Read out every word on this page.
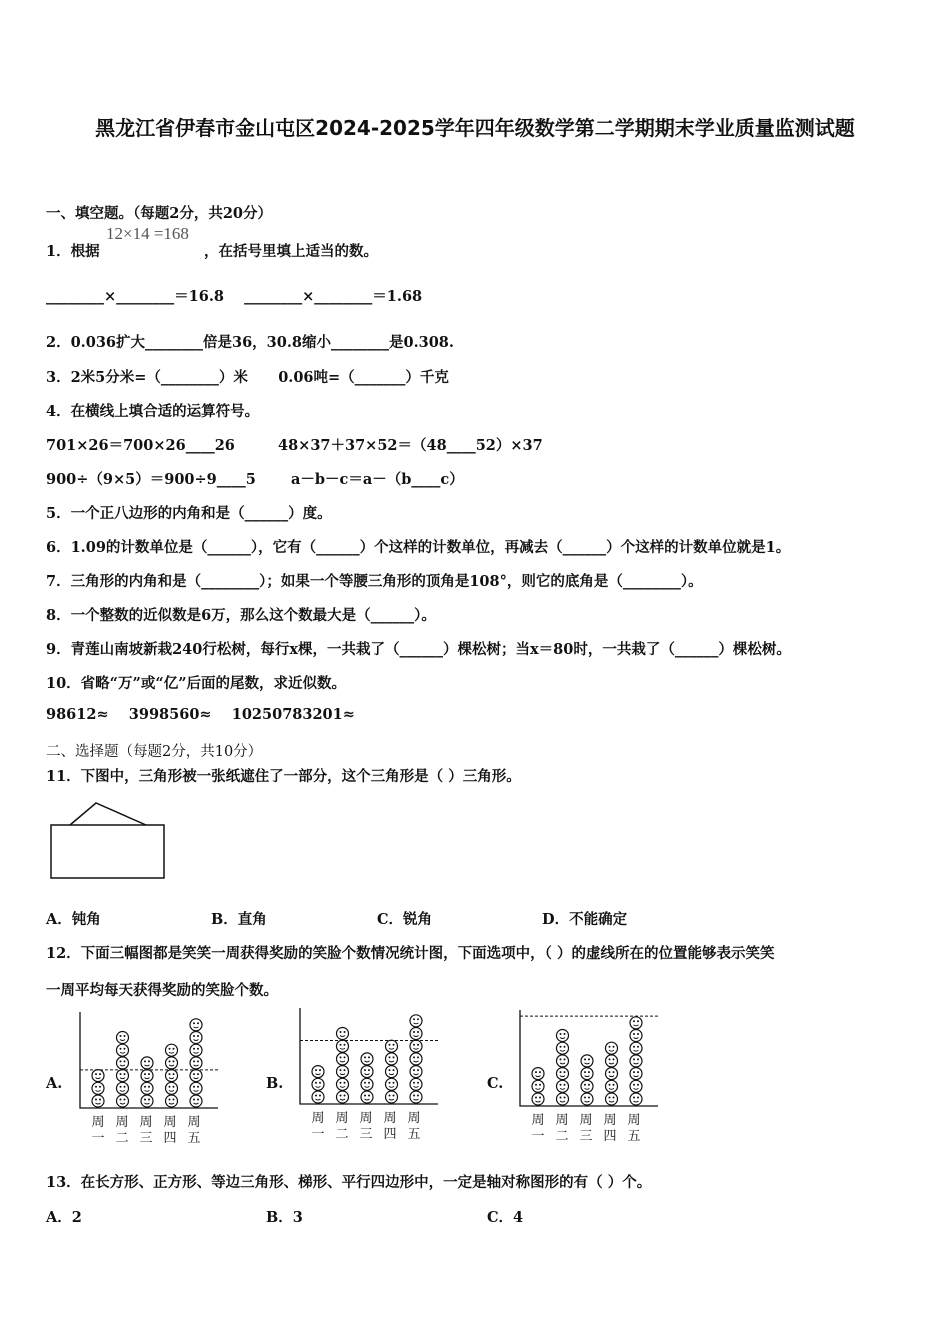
黑龙江省伊春市金山屯区2024-2025学年四年级数学第二学期期末学业质量监测试题
一、填空题。（每题2分，共20分）
1．根据
12×14 =168
，在括号里填上适当的数。
________×________＝16.8    ________×________＝1.68
2．0.036扩大________倍是36，30.8缩小________是0.308.
3．2米5分米=（________）米      0.06吨=（_______）千克
4．在横线上填合适的运算符号。
701×26＝700×26____26	48×37＋37×52＝（48____52）×37
900÷（9×5）＝900÷9____5 a－b－c＝a－（b____c）
5．一个正八边形的内角和是（______）度。
6．1.09的计数单位是（______），它有（______）个这样的计数单位，再减去（______）个这样的计数单位就是1。
7．三角形的内角和是（________）；如果一个等腰三角形的顶角是108°，则它的底角是（________）。
8．一个整数的近似数是6万，那么这个数最大是（______）。
9．青莲山南坡新栽240行松树，每行x棵，一共栽了（______）棵松树；当x＝80时，一共栽了（______）棵松树。
10．省略“万”或“亿”后面的尾数，求近似数。
98612≈    3998560≈    10250783201≈
二、选择题（每题2分，共10分）
11．下图中，三角形被一张纸遮住了一部分，这个三角形是（ ）三角形。
A．钝角	B．直角	C．锐角	D．不能确定
12．下面三幅图都是笑笑一周获得奖励的笑脸个数情况统计图，下面选项中，（ ）的虚线所在的位置能够表示笑笑
一周平均每天获得奖励的笑脸个数。
A.
周 周 周 周 周
一 二 三 四 五
B.
周 周 周 周 周
一 二 三 四 五
C.
周 周 周 周 周
一 二 三 四 五
13．在长方形、正方形、等边三角形、梯形、平行四边形中，一定是轴对称图形的有（ ）个。
A．2	B．3	C．4
